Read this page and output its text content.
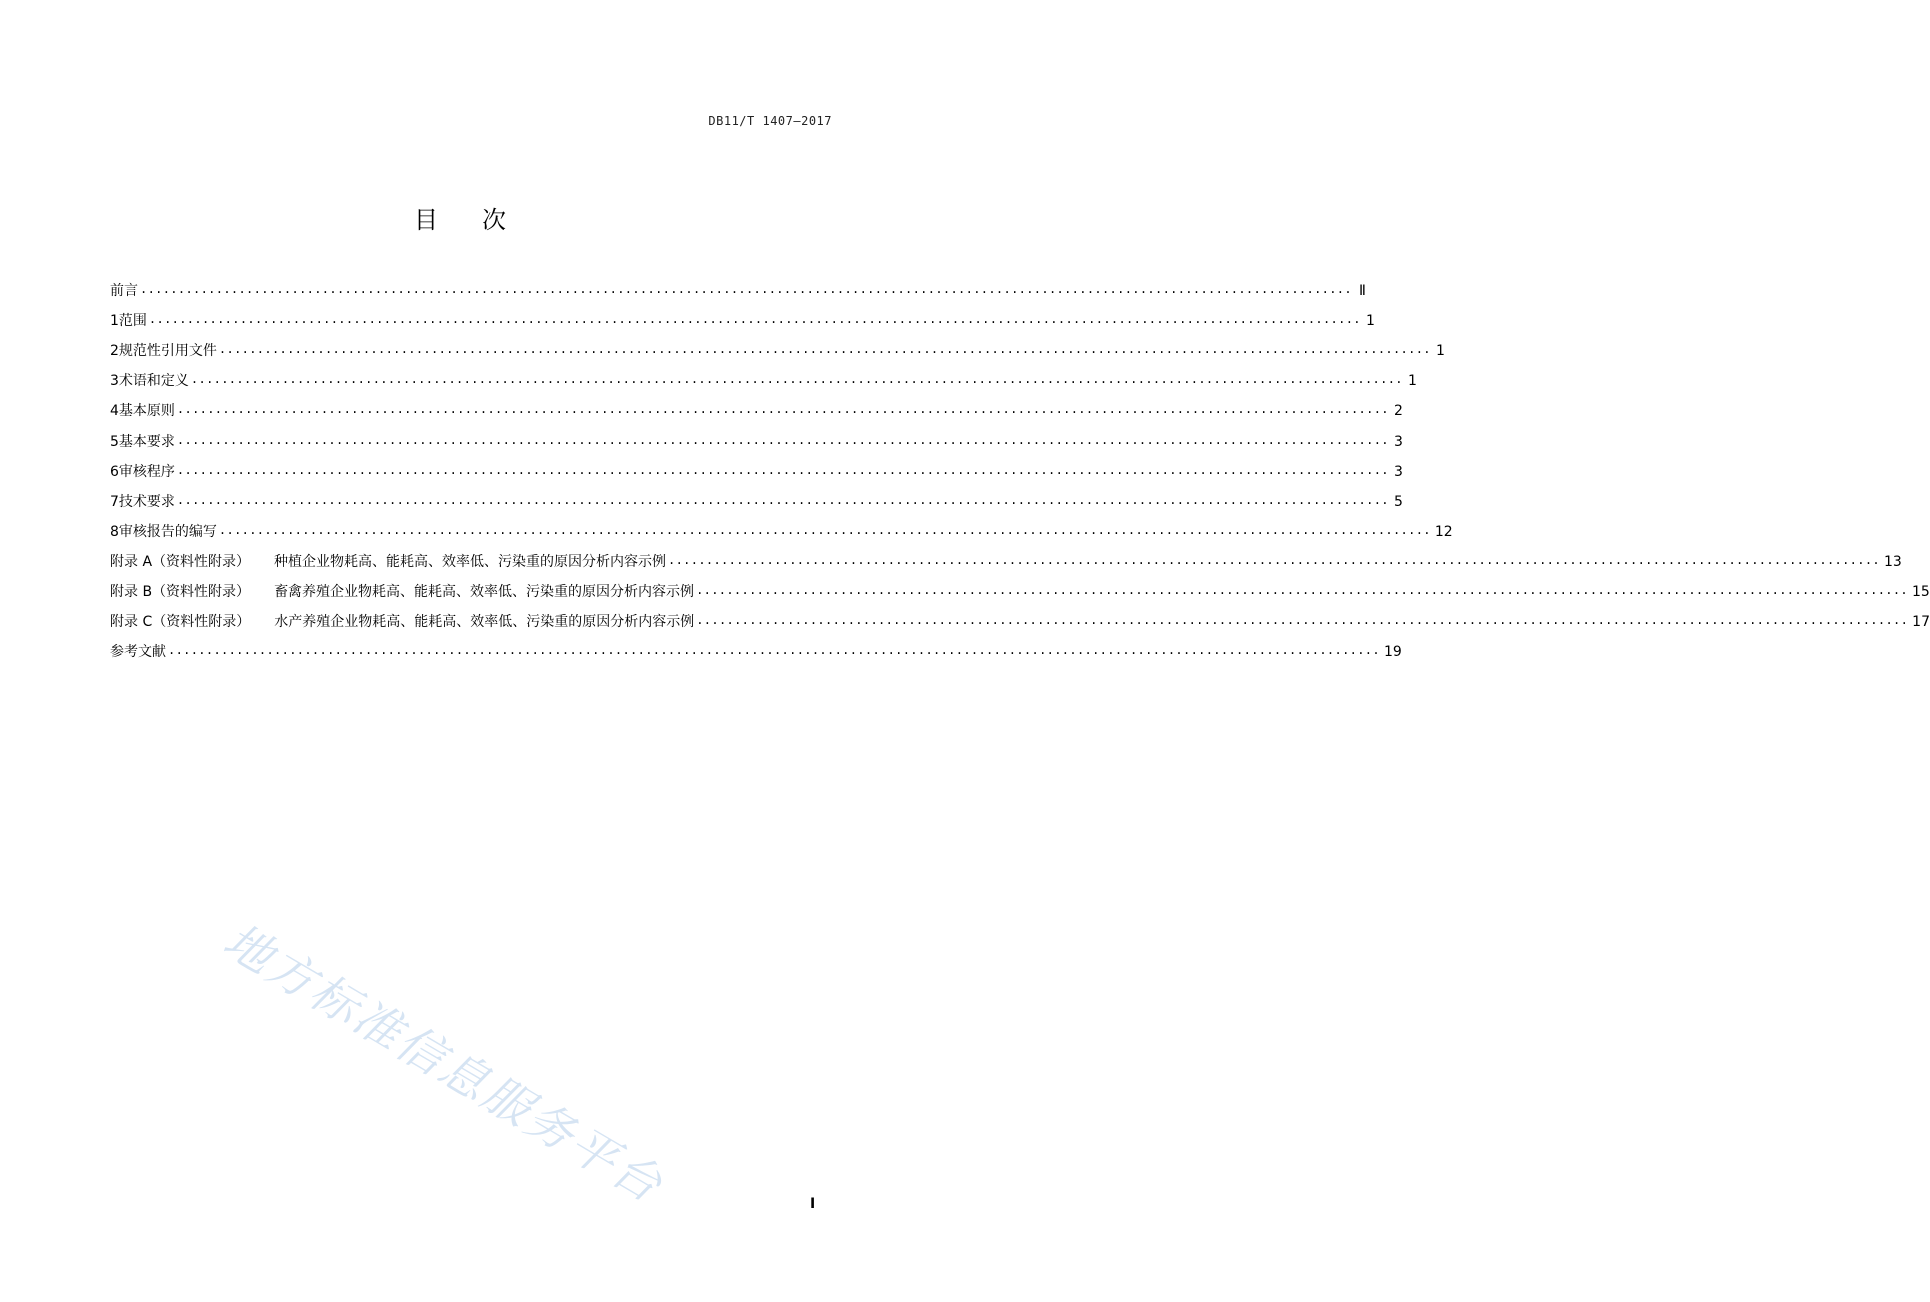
DB11/T 1407—2017
目 次
前言 ................................................................................................................................................................ Ⅱ
1 范围 ................................................................................................................................................................ 1
2 规范性引用文件 ................................................................................................................................................................ 1
3 术语和定义 ................................................................................................................................................................ 1
4 基本原则 ................................................................................................................................................................ 2
5 基本要求 ................................................................................................................................................................ 3
6 审核程序 ................................................................................................................................................................ 3
7 技术要求 ................................................................................................................................................................ 5
8 审核报告的编写 ................................................................................................................................................................ 12
附录 A（资料性附录） 种植企业物耗高、能耗高、效率低、污染重的原因分析内容示例 ................................................................................................................................................................ 13
附录 B（资料性附录） 畜禽养殖企业物耗高、能耗高、效率低、污染重的原因分析内容示例 ................................................................................................................................................................ 15
附录 C（资料性附录） 水产养殖企业物耗高、能耗高、效率低、污染重的原因分析内容示例 ................................................................................................................................................................ 17
参考文献 ................................................................................................................................................................ 19
地方标准信息服务平台	I
